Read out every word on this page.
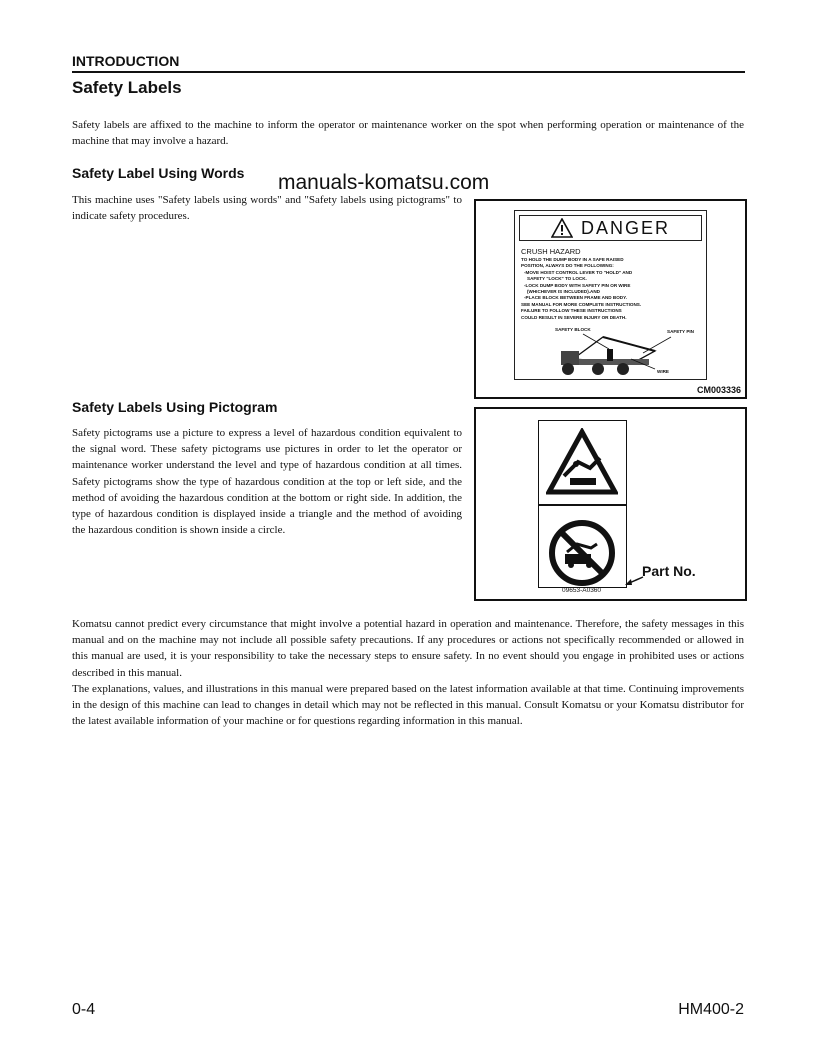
INTRODUCTION
Safety Labels
Safety labels are affixed to the machine to inform the operator or maintenance worker on the spot when performing operation or maintenance of the machine that may involve a hazard.
Safety Label Using Words manuals-komatsu.com
This machine uses "Safety labels using words" and "Safety labels using pictograms" to indicate safety procedures.
DANGER
CRUSH HAZARD
TO HOLD THE DUMP BODY IN A SAFE RAISED
POSITION, ALWAYS DO THE FOLLOWING:
-MOVE HOIST CONTROL LEVER TO "HOLD" AND
SAFETY "LOCK" TO LOCK.
-LOCK DUMP BODY WITH SAFETY PIN OR WIRE
(WHICHEVER IS INCLUDED).AND
-PLACE BLOCK BETWEEN FRAME AND BODY.
SEE MANUAL FOR MORE COMPLETE INSTRUCTIONS.
FAILURE TO FOLLOW THESE INSTRUCTIONS
COULD RESULT IN SEVERE INJURY OR DEATH.
SAFETY BLOCK	SAFETY PIN
WIRE
CM003336
Safety Labels Using Pictogram
Safety pictograms use a picture to express a level of hazardous condition equivalent to the signal word. These safety pictograms use pictures in order to let the operator or maintenance worker understand the level and type of hazardous condition at all times. Safety pictograms show the type of hazardous condition at the top or left side, and the method of avoiding the hazardous condition at the bottom or right side. In addition, the type of hazardous condition is displayed inside a triangle and the method of avoiding the hazardous condition is shown inside a circle.
Part No.
09653-A0360
Komatsu cannot predict every circumstance that might involve a potential hazard in operation and maintenance. Therefore, the safety messages in this manual and on the machine may not include all possible safety precautions. If any procedures or actions not specifically recommended or allowed in this manual are used, it is your responsibility to take the necessary steps to ensure safety. In no event should you engage in prohibited uses or actions described in this manual.
The explanations, values, and illustrations in this manual were prepared based on the latest information available at that time. Continuing improvements in the design of this machine can lead to changes in detail which may not be reflected in this manual. Consult Komatsu or your Komatsu distributor for the latest available information of your machine or for questions regarding information in this manual.
0-4	HM400-2
